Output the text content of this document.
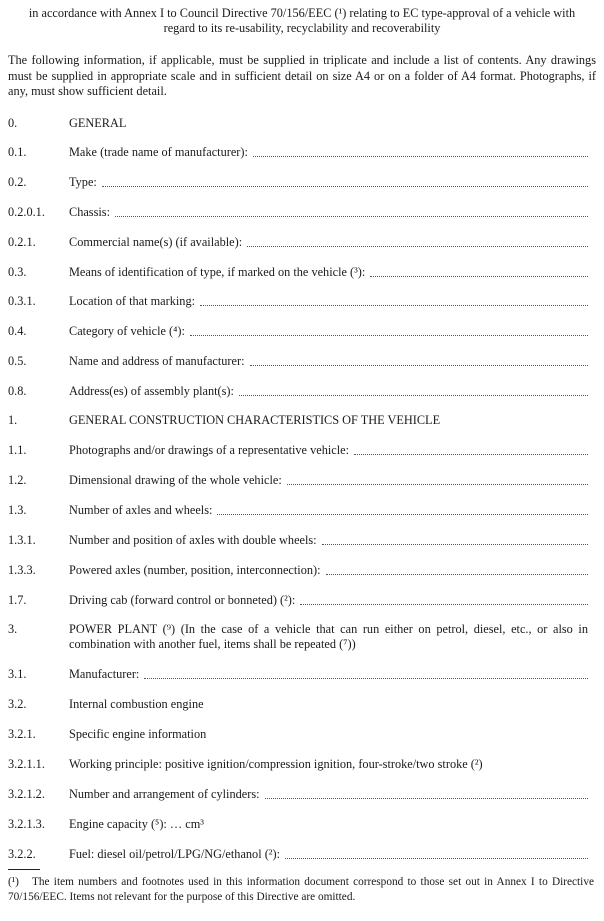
in accordance with Annex I to Council Directive 70/156/EEC (¹) relating to EC type-approval of a vehicle with regard to its re-usability, recyclability and recoverability
The following information, if applicable, must be supplied in triplicate and include a list of contents. Any drawings must be supplied in appropriate scale and in sufficient detail on size A4 or on a folder of A4 format. Photographs, if any, must show sufficient detail.
0.	GENERAL
0.1.	Make (trade name of manufacturer):
0.2.	Type:
0.2.0.1. Chassis:
0.2.1.	Commercial name(s) (if available):
0.3.	Means of identification of type, if marked on the vehicle (³):
0.3.1.	Location of that marking:
0.4.	Category of vehicle (⁴):
0.5.	Name and address of manufacturer:
0.8.	Address(es) of assembly plant(s):
1.	GENERAL CONSTRUCTION CHARACTERISTICS OF THE VEHICLE
1.1.	Photographs and/or drawings of a representative vehicle:
1.2.	Dimensional drawing of the whole vehicle:
1.3.	Number of axles and wheels:
1.3.1.	Number and position of axles with double wheels:
1.3.3.	Powered axles (number, position, interconnection):
1.7.	Driving cab (forward control or bonneted) (²):
3.	POWER PLANT (⁹) (In the case of a vehicle that can run either on petrol, diesel, etc., or also in combination with another fuel, items shall be repeated (⁷))
3.1.	Manufacturer:
3.2.	Internal combustion engine
3.2.1.	Specific engine information
3.2.1.1. Working principle: positive ignition/compression ignition, four-stroke/two stroke (²)
3.2.1.2. Number and arrangement of cylinders:
3.2.1.3. Engine capacity (⁵): … cm³
3.2.2.	Fuel: diesel oil/petrol/LPG/NG/ethanol (²):
(¹) The item numbers and footnotes used in this information document correspond to those set out in Annex I to Directive 70/156/EEC. Items not relevant for the purpose of this Directive are omitted.
